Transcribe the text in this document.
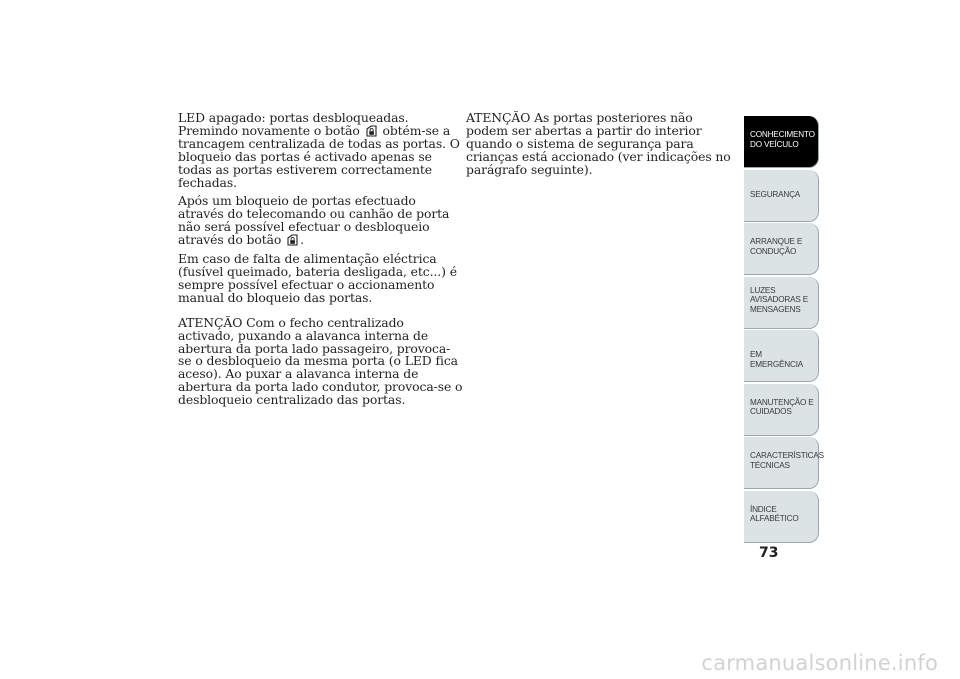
LED apagado: portas desbloqueadas. Premindo novamente o botão obtém-se a trancagem centralizada de todas as portas. O bloqueio das portas é activado apenas se todas as portas estiverem correctamente fechadas.

Após um bloqueio de portas efectuado através do telecomando ou canhão de porta não será possível efectuar o desbloqueio através do botão .

Em caso de falta de alimentação eléctrica (fusível queimado, bateria desligada, etc...) é sempre possível efectuar o accionamento manual do bloqueio das portas.

ATENÇÃO Com o fecho centralizado activado, puxando a alavanca interna de abertura da porta lado passageiro, provoca-se o desbloqueio da mesma porta (o LED fica aceso). Ao puxar a alavanca interna de abertura da porta lado condutor, provoca-se o desbloqueio centralizado das portas.

ATENÇÃO As portas posteriores não podem ser abertas a partir do interior quando o sistema de segurança para crianças está accionado (ver indicações no parágrafo seguinte).

CONHECIMENTO
DO VEÍCULO
SEGURANÇA
ARRANQUE E
CONDUÇÃO
LUZES
AVISADORAS E
MENSAGENS
EM EMERGÊNCIA
MANUTENÇÃO E
CUIDADOS
CARACTERÍSTICAS
TÉCNICAS
ÍNDICE
ALFABÉTICO
73
carmanualsonline.info
